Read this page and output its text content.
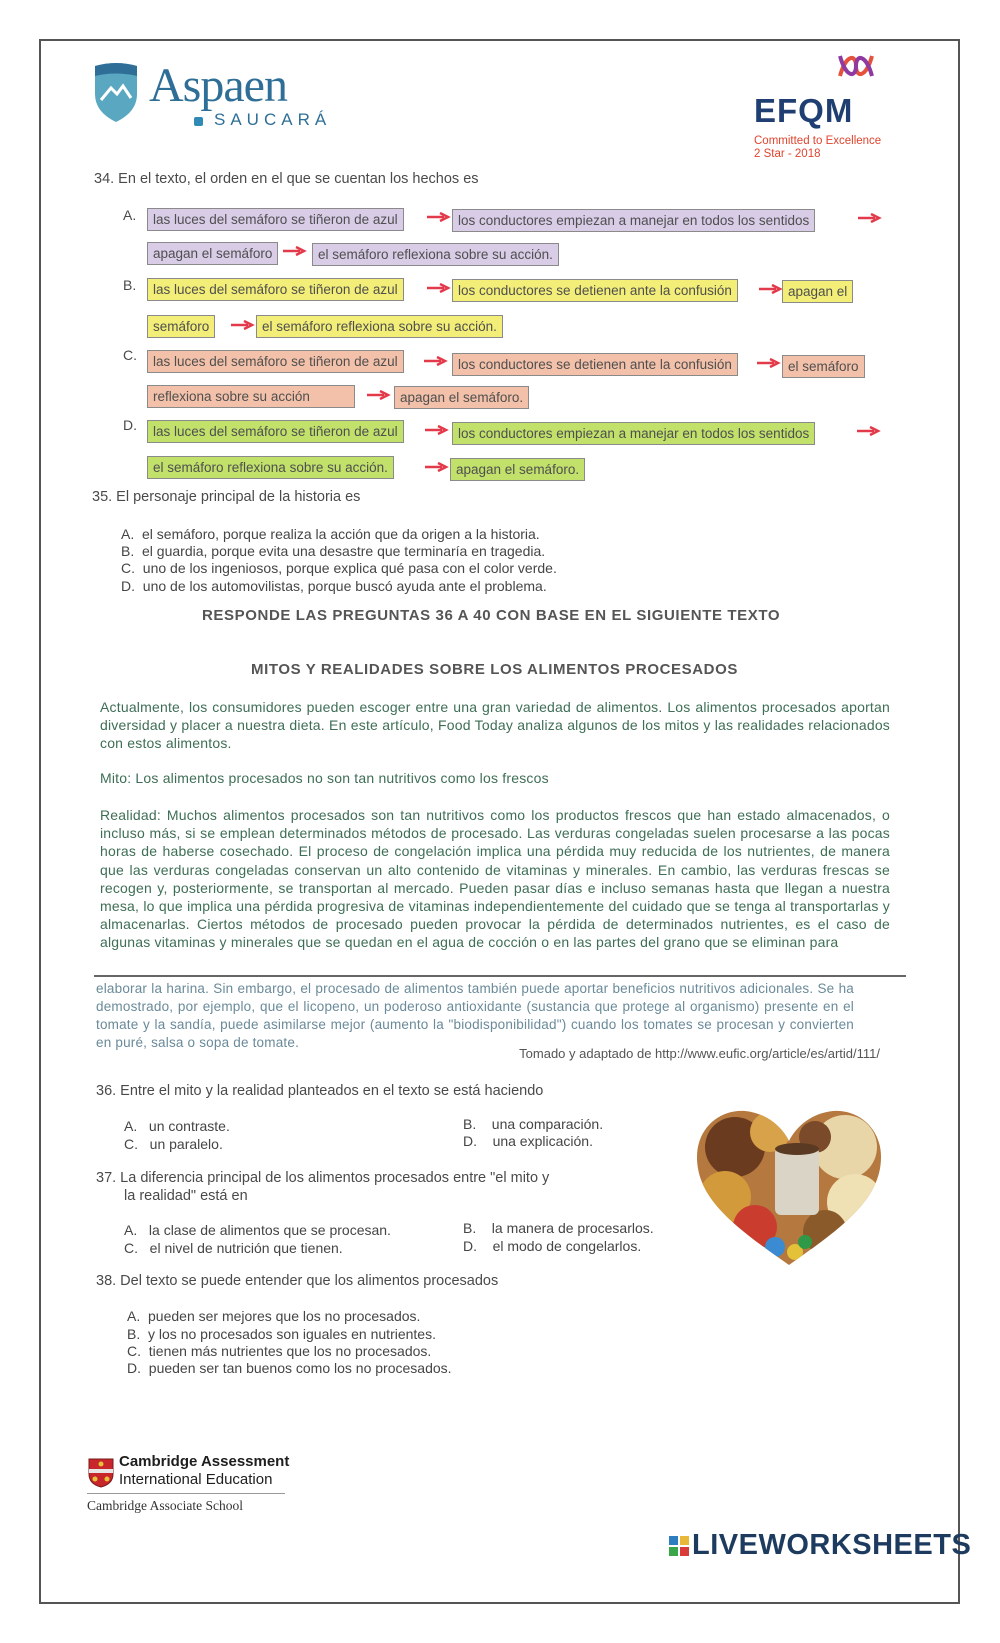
Aspaen
SAUCARÁ	EFQM
Committed to Excellence
2 Star - 2018
34. En el texto, el orden en el que se cuentan los hechos es
A.	las luces del semáforo se tiñeron de azul	los conductores empiezan a manejar en todos los sentidos
apagan el semáforo	el semáforo reflexiona sobre su acción.
B.	las luces del semáforo se tiñeron de azul	los conductores se detienen ante la confusión	apagan el
semáforo	el semáforo reflexiona sobre su acción.
C.	las luces del semáforo se tiñeron de azul	los conductores se detienen ante la confusión	el semáforo
reflexiona sobre su acción	apagan el semáforo.
D.	las luces del semáforo se tiñeron de azul	los conductores empiezan a manejar en todos los sentidos
el semáforo reflexiona sobre su acción.	apagan el semáforo.
35. El personaje principal de la historia es
A. el semáforo, porque realiza la acción que da origen a la historia.
B. el guardia, porque evita una desastre que terminaría en tragedia.
C. uno de los ingeniosos, porque explica qué pasa con el color verde.
D. uno de los automovilistas, porque buscó ayuda ante el problema.
RESPONDE LAS PREGUNTAS 36 A 40 CON BASE EN EL SIGUIENTE TEXTO
MITOS Y REALIDADES SOBRE LOS ALIMENTOS PROCESADOS
Actualmente, los consumidores pueden escoger entre una gran variedad de alimentos. Los alimentos procesados aportan diversidad y placer a nuestra dieta. En este artículo, Food Today analiza algunos de los mitos y las realidades relacionados con estos alimentos.
Mito: Los alimentos procesados no son tan nutritivos como los frescos
Realidad: Muchos alimentos procesados son tan nutritivos como los productos frescos que han estado almacenados, o incluso más, si se emplean determinados métodos de procesado. Las verduras congeladas suelen procesarse a las pocas horas de haberse cosechado. El proceso de congelación implica una pérdida muy reducida de los nutrientes, de manera que las verduras congeladas conservan un alto contenido de vitaminas y minerales. En cambio, las verduras frescas se recogen y, posteriormente, se transportan al mercado. Pueden pasar días e incluso semanas hasta que llegan a nuestra mesa, lo que implica una pérdida progresiva de vitaminas independientemente del cuidado que se tenga al transportarlas y almacenarlas. Ciertos métodos de procesado pueden provocar la pérdida de determinados nutrientes, es el caso de algunas vitaminas y minerales que se quedan en el agua de cocción o en las partes del grano que se eliminan para
elaborar la harina. Sin embargo, el procesado de alimentos también puede aportar beneficios nutritivos adicionales. Se ha demostrado, por ejemplo, que el licopeno, un poderoso antioxidante (sustancia que protege al organismo) presente en el tomate y la sandía, puede asimilarse mejor (aumento la "biodisponibilidad") cuando los tomates se procesan y convierten en puré, salsa o sopa de tomate.
Tomado y adaptado de http://www.eufic.org/article/es/artid/111/
36. Entre el mito y la realidad planteados en el texto se está haciendo
A. un contraste.	B. una comparación.
C. un paralelo.	D. una explicación.
37. La diferencia principal de los alimentos procesados entre "el mito y
la realidad" está en
A. la clase de alimentos que se procesan.	B. la manera de procesarlos.
C. el nivel de nutrición que tienen.	D. el modo de congelarlos.
38. Del texto se puede entender que los alimentos procesados
A. pueden ser mejores que los no procesados.
B. y los no procesados son iguales en nutrientes.
C. tienen más nutrientes que los no procesados.
D. pueden ser tan buenos como los no procesados.
Cambridge Assessment
International Education
Cambridge Associate School
LIVEWORKSHEETS
